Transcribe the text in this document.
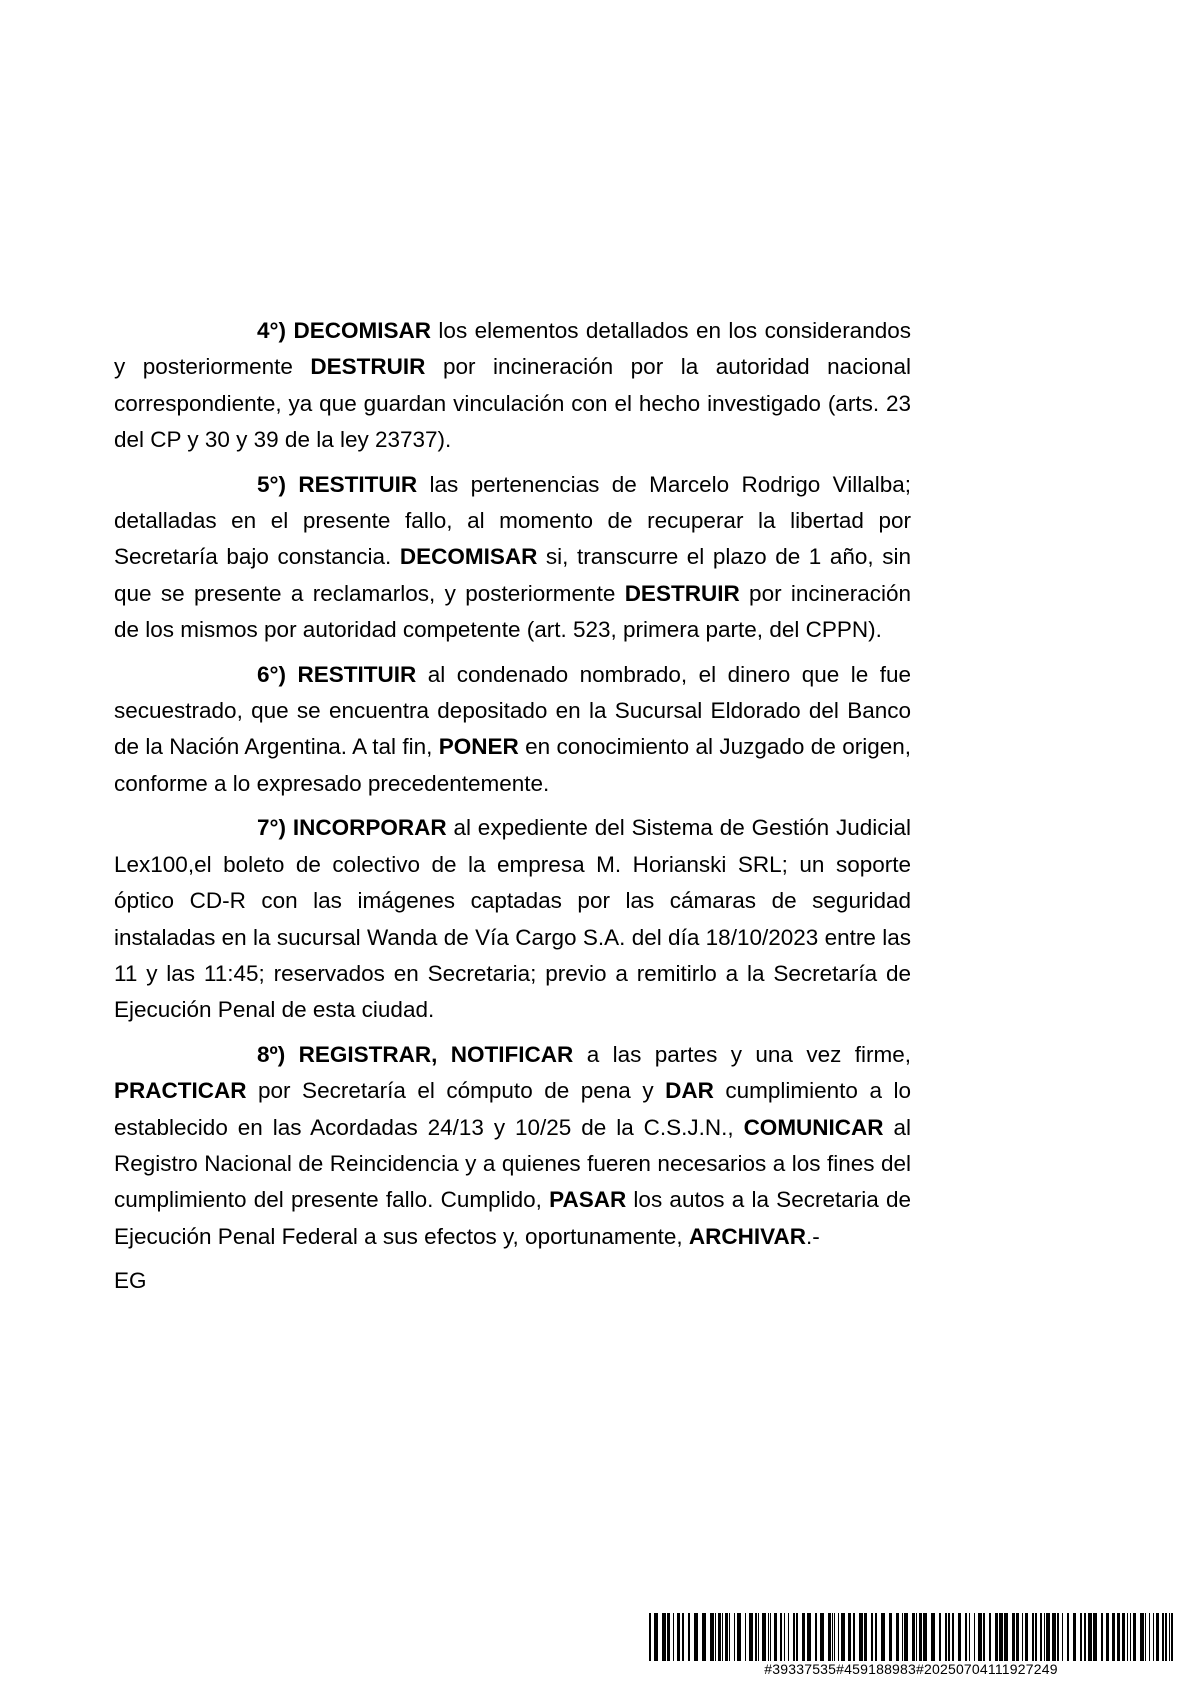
4°) DECOMISAR los elementos detallados en los considerandos y posteriormente DESTRUIR por incineración por la autoridad nacional correspondiente, ya que guardan vinculación con el hecho investigado (arts. 23 del CP y 30 y 39 de la ley 23737).

5°) RESTITUIR las pertenencias de Marcelo Rodrigo Villalba; detalladas en el presente fallo, al momento de recuperar la libertad por Secretaría bajo constancia. DECOMISAR si, transcurre el plazo de 1 año, sin que se presente a reclamarlos, y posteriormente DESTRUIR por incineración de los mismos por autoridad competente (art. 523, primera parte, del CPPN).

6°) RESTITUIR al condenado nombrado, el dinero que le fue secuestrado, que se encuentra depositado en la Sucursal Eldorado del Banco de la Nación Argentina. A tal fin, PONER en conocimiento al Juzgado de origen, conforme a lo expresado precedentemente.

7°) INCORPORAR al expediente del Sistema de Gestión Judicial Lex100,el boleto de colectivo de la empresa M. Horianski SRL; un soporte óptico CD-R con las imágenes captadas por las cámaras de seguridad instaladas en la sucursal Wanda de Vía Cargo S.A. del día 18/10/2023 entre las 11 y las 11:45; reservados en Secretaria; previo a remitirlo a la Secretaría de Ejecución Penal de esta ciudad.

8º) REGISTRAR, NOTIFICAR a las partes y una vez firme, PRACTICAR por Secretaría el cómputo de pena y DAR cumplimiento a lo establecido en las Acordadas 24/13 y 10/25 de la C.S.J.N., COMUNICAR al Registro Nacional de Reincidencia y a quienes fueren necesarios a los fines del cumplimiento del presente fallo. Cumplido, PASAR los autos a la Secretaria de Ejecución Penal Federal a sus efectos y, oportunamente, ARCHIVAR.-

EG
#39337535#459188983#20250704111927249
